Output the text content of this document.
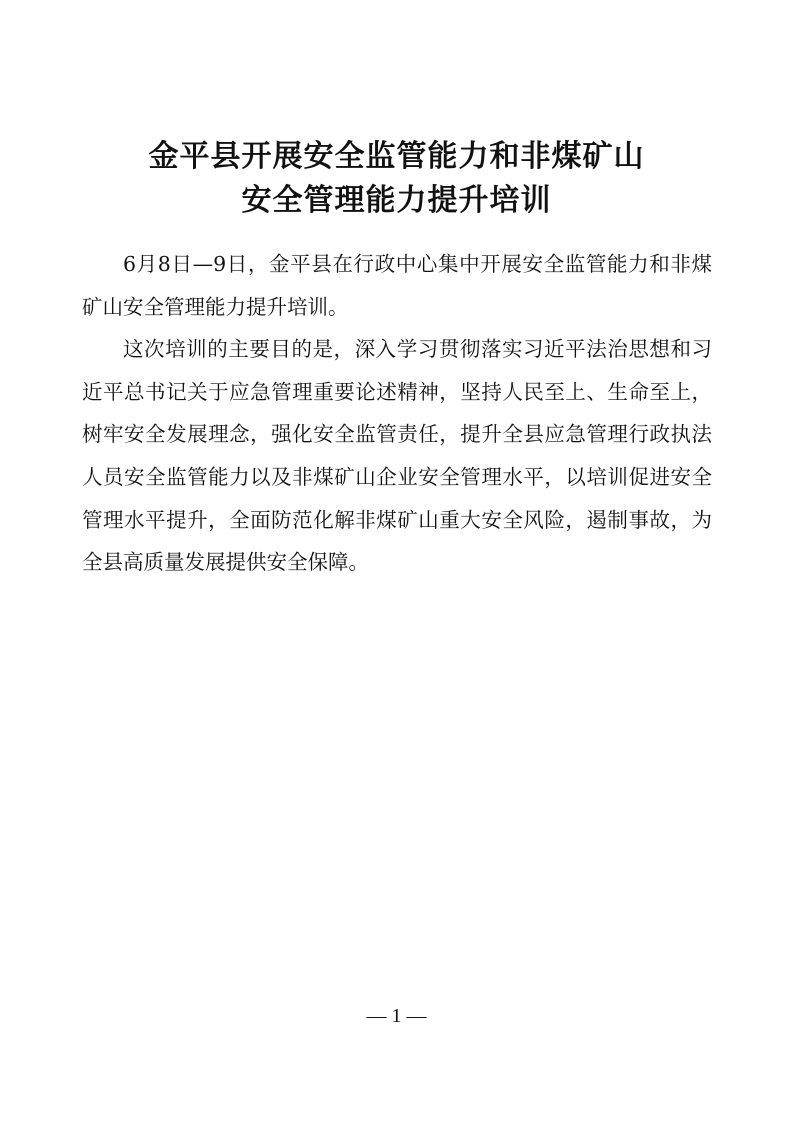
金平县开展安全监管能力和非煤矿山
安全管理能力提升培训

6月8日—9日，金平县在行政中心集中开展安全监管能力和非煤矿山安全管理能力提升培训。

这次培训的主要目的是，深入学习贯彻落实习近平法治思想和习近平总书记关于应急管理重要论述精神，坚持人民至上、生命至上，树牢安全发展理念，强化安全监管责任，提升全县应急管理行政执法人员安全监管能力以及非煤矿山企业安全管理水平，以培训促进安全管理水平提升，全面防范化解非煤矿山重大安全风险，遏制事故，为全县高质量发展提供安全保障。

— 1 —
